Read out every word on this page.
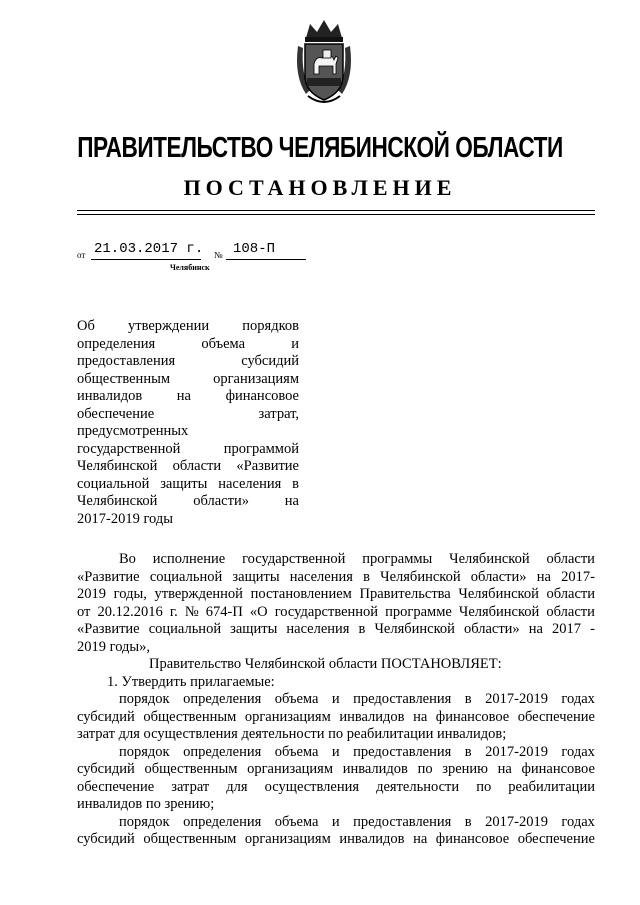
ПРАВИТЕЛЬСТВО ЧЕЛЯБИНСКОЙ ОБЛАСТИ
ПОСТАНОВЛЕНИЕ
от 21.03.2017 г. № 108-П
Челябинск
Об утверждении порядков
определения	объема	и
предоставления	субсидий
общественным	организациям
инвалидов на финансовое
обеспечение	затрат,
предусмотренных
государственной	программой
Челябинской области «Развитие
социальной защиты населения в
Челябинской области» на
2017-2019 годы
Во исполнение государственной программы Челябинской области
«Развитие социальной защиты населения в Челябинской области» на 2017-
2019 годы, утвержденной постановлением Правительства Челябинской области
от 20.12.2016 г. № 674-П «О государственной программе Челябинской области
«Развитие социальной защиты населения в Челябинской области» на 2017 -
2019 годы»,
Правительство Челябинской области ПОСТАНОВЛЯЕТ:
1. Утвердить прилагаемые:
порядок определения объема и предоставления в 2017-2019 годах
субсидий общественным организациям инвалидов на финансовое обеспечение
затрат для осуществления деятельности по реабилитации инвалидов;
порядок определения объема и предоставления в 2017-2019 годах
субсидий общественным организациям инвалидов по зрению на финансовое
обеспечение затрат для осуществления деятельности по реабилитации
инвалидов по зрению;
порядок определения объема и предоставления в 2017-2019 годах
субсидий общественным организациям инвалидов на финансовое обеспечение
